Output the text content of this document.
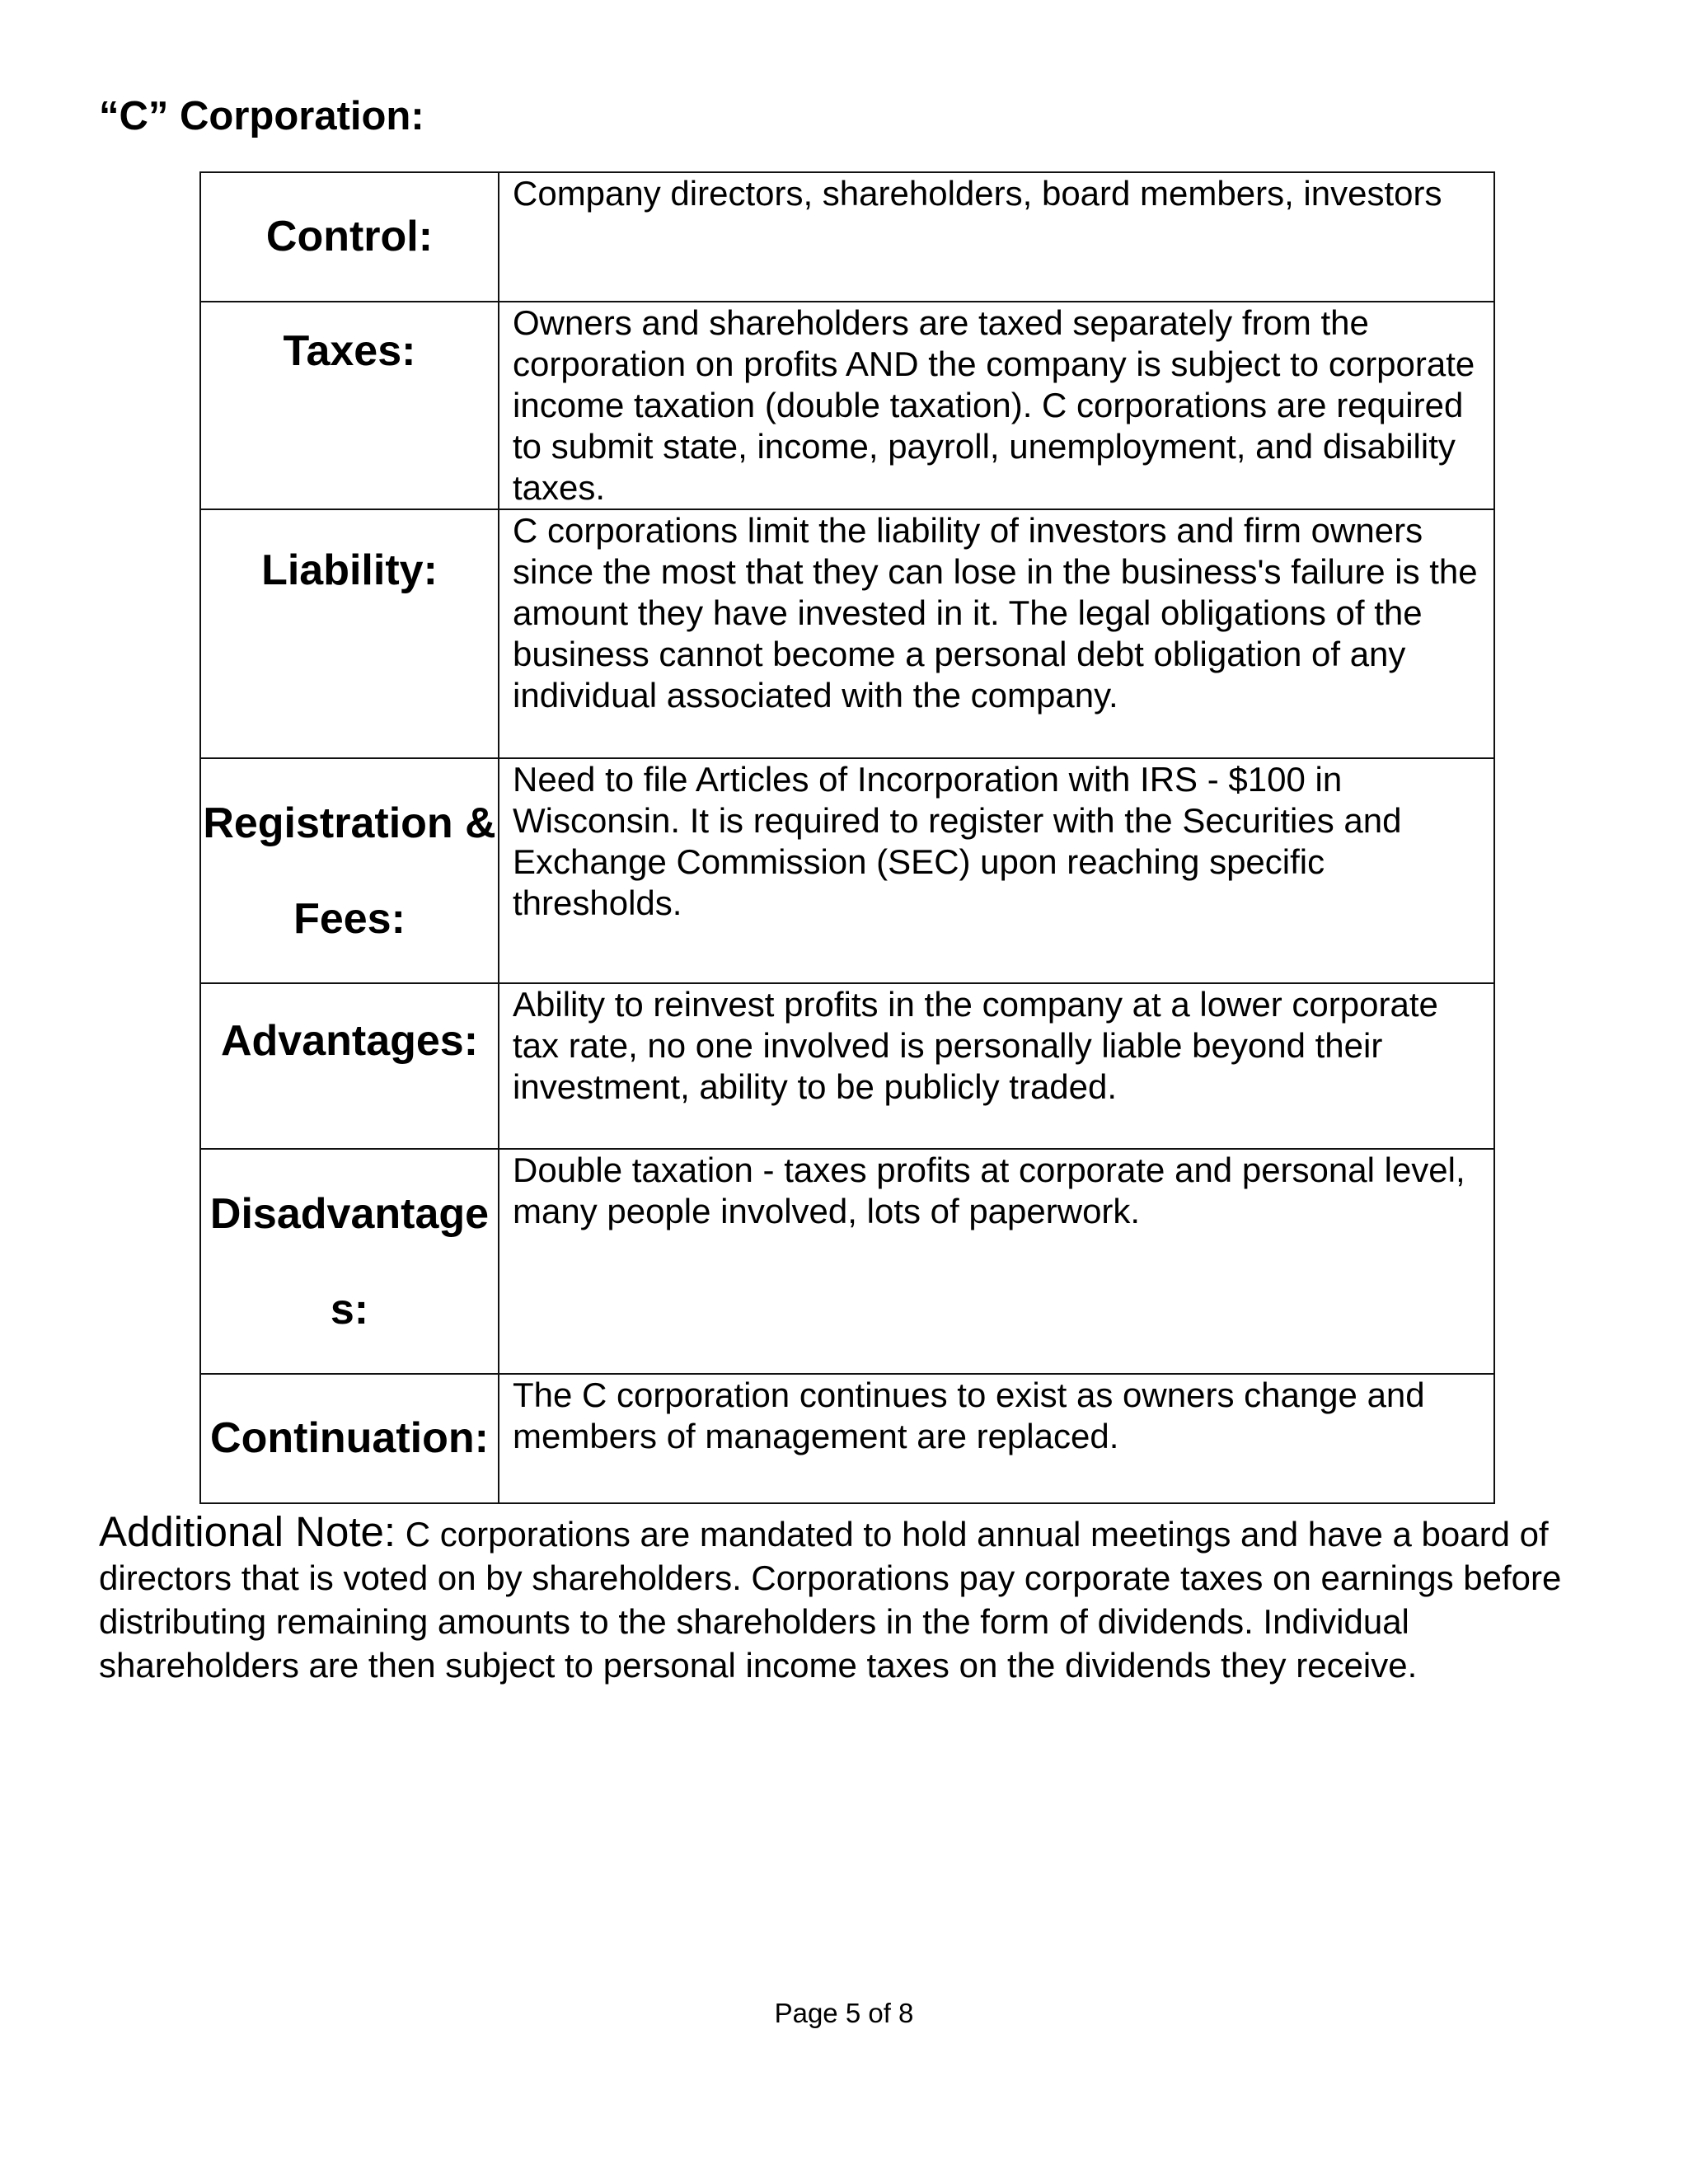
“C” Corporation:
Control:	Company directors, shareholders, board members, investors
Taxes:	Owners and shareholders are taxed separately from the corporation on profits AND the company is subject to corporate income taxation (double taxation). C corporations are required to submit state, income, payroll, unemployment, and disability taxes.
Liability:	C corporations limit the liability of investors and firm owners since the most that they can lose in the business's failure is the amount they have invested in it. The legal obligations of the business cannot become a personal debt obligation of any individual associated with the company.
Registration & Fees:	Need to file Articles of Incorporation with IRS - $100 in Wisconsin. It is required to register with the Securities and Exchange Commission (SEC) upon reaching specific thresholds.
Advantages:	Ability to reinvest profits in the company at a lower corporate tax rate, no one involved is personally liable beyond their investment, ability to be publicly traded.
Disadvantages:	Double taxation - taxes profits at corporate and personal level, many people involved, lots of paperwork.
Continuation:	The C corporation continues to exist as owners change and members of management are replaced.

Additional Note: C corporations are mandated to hold annual meetings and have a board of directors that is voted on by shareholders. Corporations pay corporate taxes on earnings before distributing remaining amounts to the shareholders in the form of dividends. Individual shareholders are then subject to personal income taxes on the dividends they receive.

Page 5 of 8
